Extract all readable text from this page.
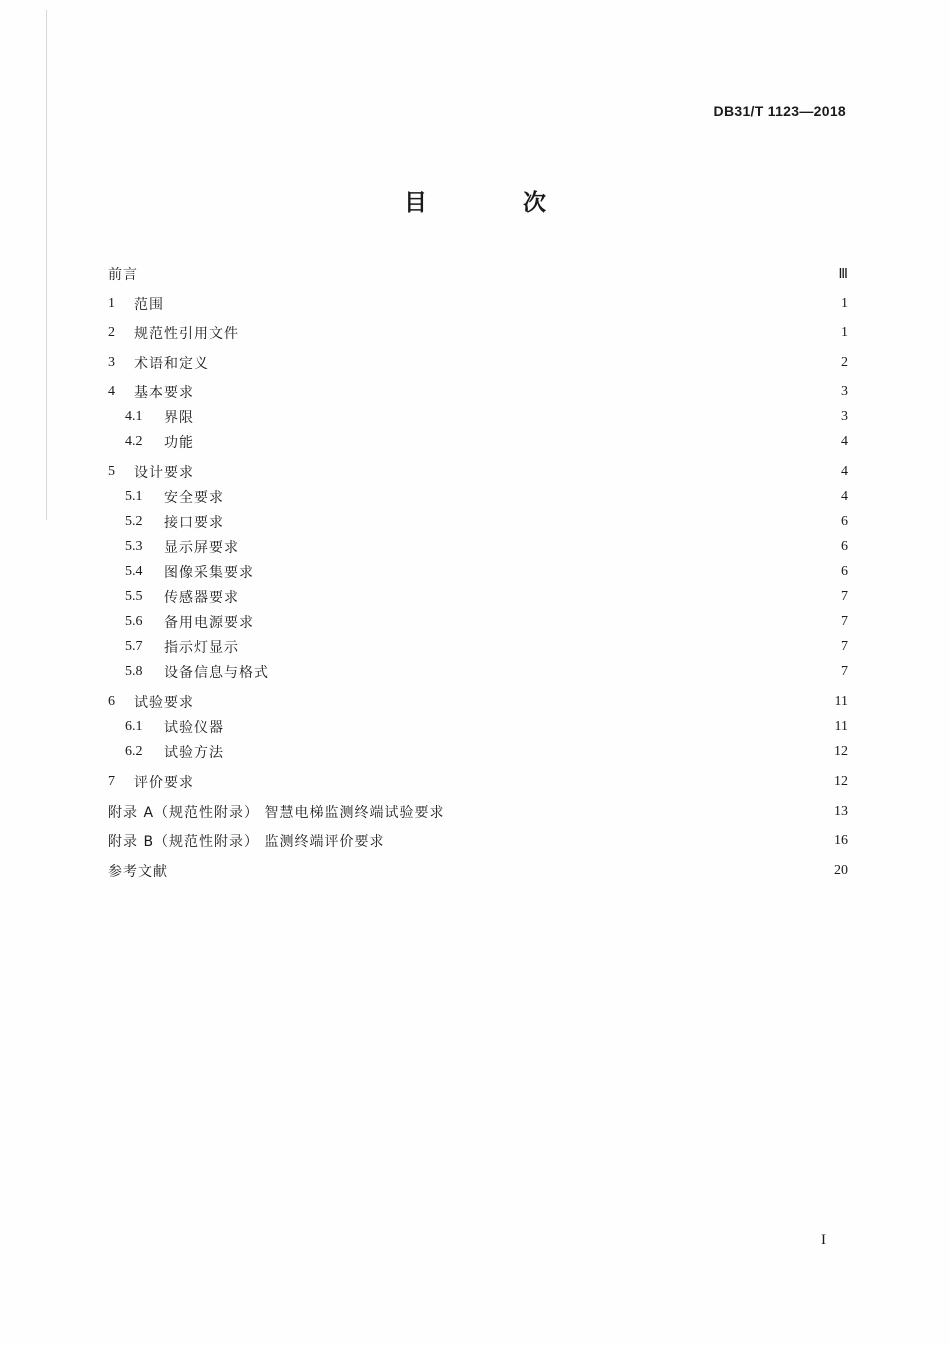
DB31/T 1123—2018
目 次
前言	Ⅲ
1	范围	1
2	规范性引用文件	1
3	术语和定义	2
4	基本要求	3
4.1	界限	3
4.2	功能	4
5	设计要求	4
5.1	安全要求	4
5.2	接口要求	6
5.3	显示屏要求	6
5.4	图像采集要求	6
5.5	传感器要求	7
5.6	备用电源要求	7
5.7	指示灯显示	7
5.8	设备信息与格式	7
6	试验要求	11
6.1	试验仪器	11
6.2	试验方法	12
7	评价要求	12
附录 A（规范性附录） 智慧电梯监测终端试验要求	13
附录 B（规范性附录） 监测终端评价要求	16
参考文献	20
I
